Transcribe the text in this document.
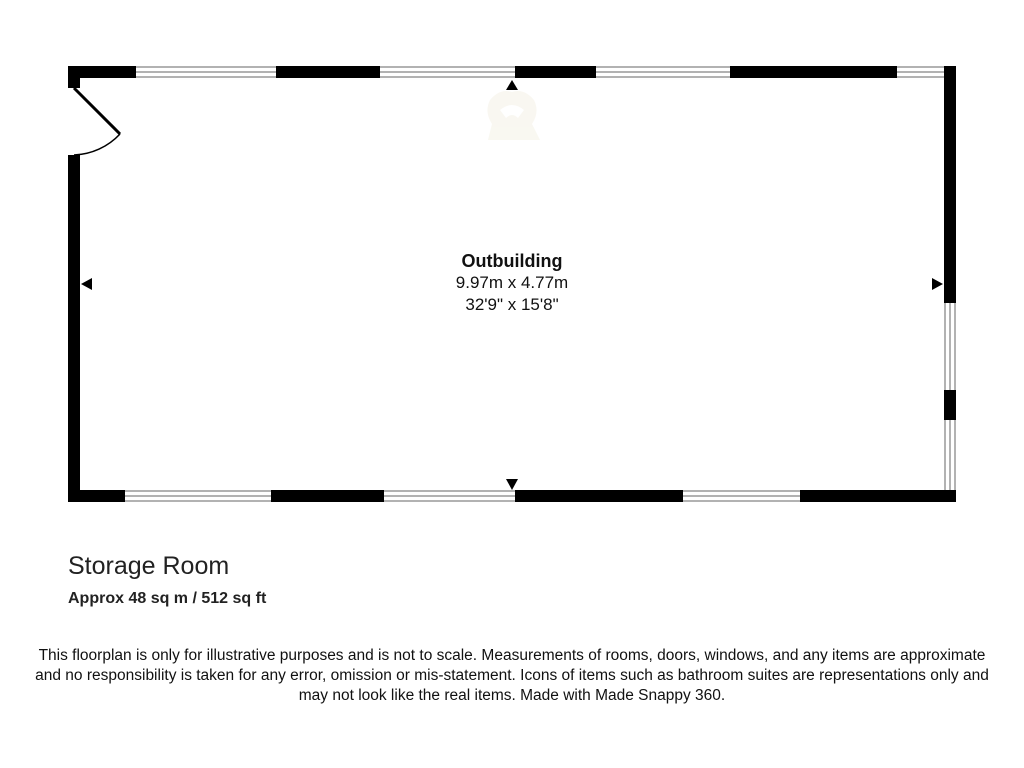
Outbuilding
9.97m x 4.77m
32'9" x 15'8"
Storage Room
Approx 48 sq m / 512 sq ft
This floorplan is only for illustrative purposes and is not to scale. Measurements of rooms, doors, windows, and any items are approximate
and no responsibility is taken for any error, omission or mis-statement. Icons of items such as bathroom suites are representations only and
may not look like the real items. Made with Made Snappy 360.
